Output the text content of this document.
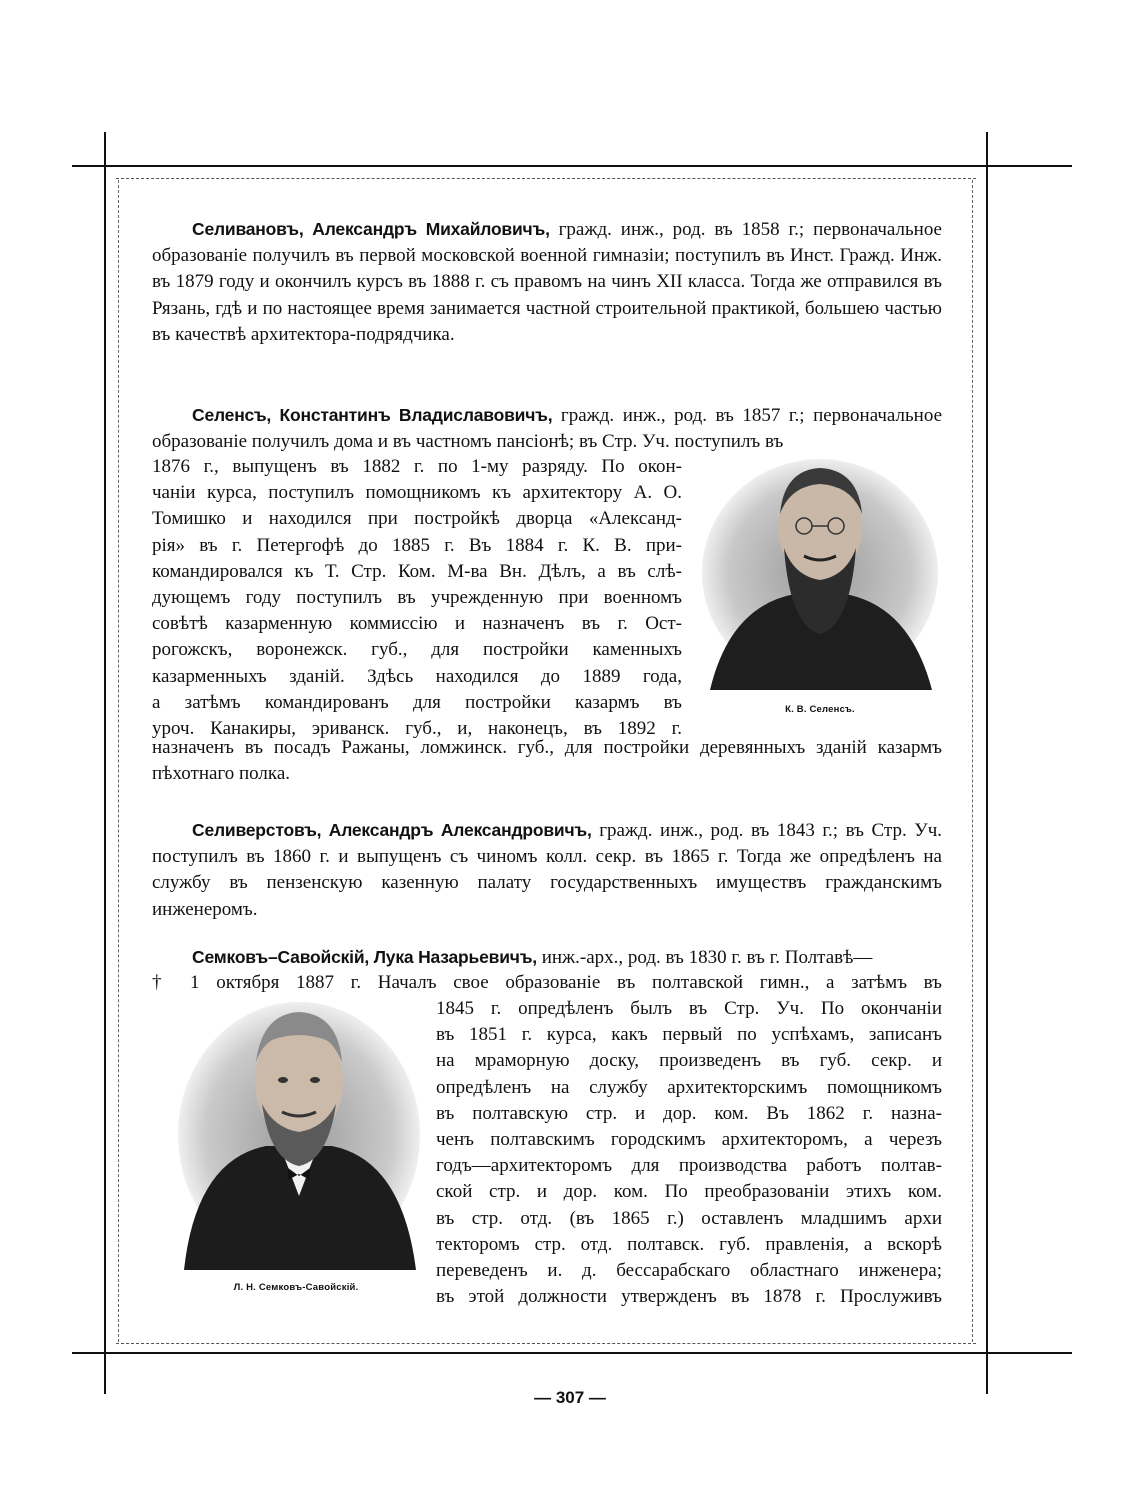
Селивановъ, Александръ Михайловичъ, гражд. инж., род. въ 1858 г.; первоначальное образованіе получилъ въ первой московской военной гимназіи; поступилъ въ Инст. Гражд. Инж. въ 1879 году и окончилъ курсъ въ 1888 г. съ правомъ на чинъ XII класса. Тогда же отправился въ Рязань, гдѣ и по настоящее время занимается частной строительной практикой, большею частью въ качествѣ архитектора-подрядчика.
Селенсъ, Константинъ Владиславовичъ, гражд. инж., род. въ 1857 г.; первоначальное образованіе получилъ дома и въ частномъ пансіонѣ; въ Стр. Уч. поступилъ въ
1876 г., выпущенъ въ 1882 г. по 1-му разряду. По окон-
чаніи курса, поступилъ помощникомъ къ архитектору А. О.
Томишко и находился при постройкѣ дворца «Александ-
рія» въ г. Петергофѣ до 1885 г. Въ 1884 г. К. В. при-
командировался къ Т. Стр. Ком. М-ва Вн. Дѣлъ, а въ слѣ-
дующемъ году поступилъ въ учрежденную при военномъ
совѣтѣ казарменную коммиссію и назначенъ въ г. Ост-
рогожскъ, воронежск. губ., для постройки каменныхъ
казарменныхъ зданій. Здѣсь находился до 1889 года,
а затѣмъ командированъ для постройки казармъ въ
уроч. Канакиры, эриванск. губ., и, наконецъ, въ 1892 г.
назначенъ въ посадъ Ражаны, ломжинск. губ., для постройки деревянныхъ зданій казармъ пѣхотнаго полка.
К. В. Селенсъ.
Селиверстовъ, Александръ Александровичъ, гражд. инж., род. въ 1843 г.; въ Стр. Уч. поступилъ въ 1860 г. и выпущенъ съ чиномъ колл. секр. въ 1865 г. Тогда же опредѣленъ на службу въ пензенскую казенную палату государственныхъ имуществъ гражданскимъ инженеромъ.
Семковъ–Савойскій, Лука Назарьевичъ, инж.-арх., род. въ 1830 г. въ г. Полтавѣ—
† 1 октября 1887 г. Началъ свое образованіе въ полтавской гимн., а затѣмъ въ
1845 г. опредѣленъ былъ въ Стр. Уч. По окончаніи
въ 1851 г. курса, какъ первый по успѣхамъ, записанъ
на мраморную доску, произведенъ въ губ. секр. и
опредѣленъ на службу архитекторскимъ помощникомъ
въ полтавскую стр. и дор. ком. Въ 1862 г. назна-
ченъ полтавскимъ городскимъ архитекторомъ, а черезъ
годъ—архитекторомъ для производства работъ полтав-
ской стр. и дор. ком. По преобразованіи этихъ ком.
въ стр. отд. (въ 1865 г.) оставленъ младшимъ архи
текторомъ стр. отд. полтавск. губ. правленія, а вскорѣ
переведенъ и. д. бессарабскаго областнаго инженера;
въ этой должности утвержденъ въ 1878 г. Прослуживъ
Л. Н. Семковъ-Савойскій.
— 307 —
